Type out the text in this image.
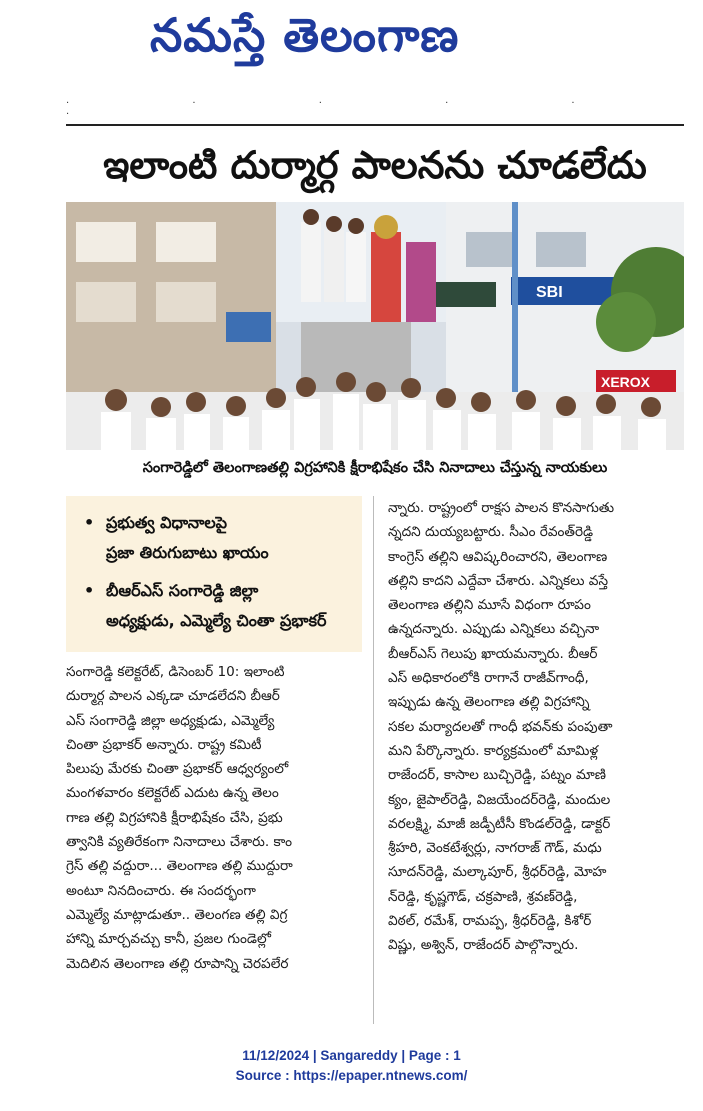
నమస్తే తెలంగాణ
· · · · · ·
ఇలాంటి దుర్మార్గ పాలనను చూడలేదు
SBI
XEROX
సంగారెడ్డిలో తెలంగాణతల్లి విగ్రహానికి క్షీరాభిషేకం చేసి నినాదాలు చేస్తున్న నాయకులు
• ప్రభుత్వ విధానాలపై
ప్రజా తిరుగుబాటు ఖాయం
• బీఆర్ఎస్ సంగారెడ్డి జిల్లా
అధ్యక్షుడు, ఎమ్మెల్యే చింతా ప్రభాకర్
సంగారెడ్డి కలెక్టరేట్, డిసెంబర్ 10: ఇలాంటి
దుర్మార్గ పాలన ఎక్కడా చూడలేదని బీఆర్
ఎస్ సంగారెడ్డి జిల్లా అధ్యక్షుడు, ఎమ్మెల్యే
చింతా ప్రభాకర్ అన్నారు. రాష్ట్ర కమిటీ
పిలుపు మేరకు చింతా ప్రభాకర్ ఆధ్వర్యంలో
మంగళవారం కలెక్టరేట్ ఎదుట ఉన్న తెలం
గాణ తల్లి విగ్రహానికి క్షీరాభిషేకం చేసి, ప్రభు
త్వానికి వ్యతిరేకంగా నినాదాలు చేశారు. కాం
గ్రెస్ తల్లి వద్దురా... తెలంగాణ తల్లి ముద్దురా
అంటూ నినదించారు. ఈ సందర్భంగా
ఎమ్మెల్యే మాట్లాడుతూ.. తెలంగణ తల్లి విగ్ర
హాన్ని మార్చవచ్చు కానీ, ప్రజల గుండెల్లో
మెదిలిన తెలంగాణ తల్లి రూపాన్ని చెరపలేర
న్నారు. రాష్ట్రంలో రాక్షస పాలన కొనసాగుతు
న్నదని దుయ్యబట్టారు. సీఎం రేవంత్‌రెడ్డి
కాంగ్రెస్ తల్లిని ఆవిష్కరించారని, తెలంగాణ
తల్లిని కాదని ఎద్దేవా చేశారు. ఎన్నికలు వస్తే
తెలంగాణ తల్లిని మూసే విధంగా రూపం
ఉన్నదన్నారు. ఎప్పుడు ఎన్నికలు వచ్చినా
బీఆర్ఎస్ గెలుపు ఖాయమన్నారు. బీఆర్
ఎస్ అధికారంలోకి రాగానే రాజీవ్‌గాంధీ,
ఇప్పుడు ఉన్న తెలంగాణ తల్లి విగ్రహాన్ని
సకల మర్యాదలతో గాంధీ భవన్‌కు పంపుతా
మని పేర్కొన్నారు. కార్యక్రమంలో మామిళ్ల
రాజేందర్, కాసాల బుచ్చిరెడ్డి, పట్నం మాణి
క్యం, జైపాల్‌రెడ్డి, విజయేందర్‌రెడ్డి, మందుల
వరలక్ష్మి, మాజీ జడ్పీటీసీ కొండల్‌రెడ్డి, డాక్టర్
శ్రీహరి, వెంకటేశ్వర్లు, నాగరాజ్ గౌడ్, మధు
సూదన్‌రెడ్డి, మల్కాపూర్, శ్రీధర్‌రెడ్డి, మోహ
న్‌రెడ్డి, కృష్ణగౌడ్, చక్రపాణి, శ్రవణ్‌రెడ్డి,
విఠల్, రమేశ్, రామప్ప, శ్రీధర్‌రెడ్డి, కిశోర్
విష్ణు, అశ్విన్, రాజేందర్ పాల్గొన్నారు.
11/12/2024 | Sangareddy | Page : 1
Source : https://epaper.ntnews.com/
